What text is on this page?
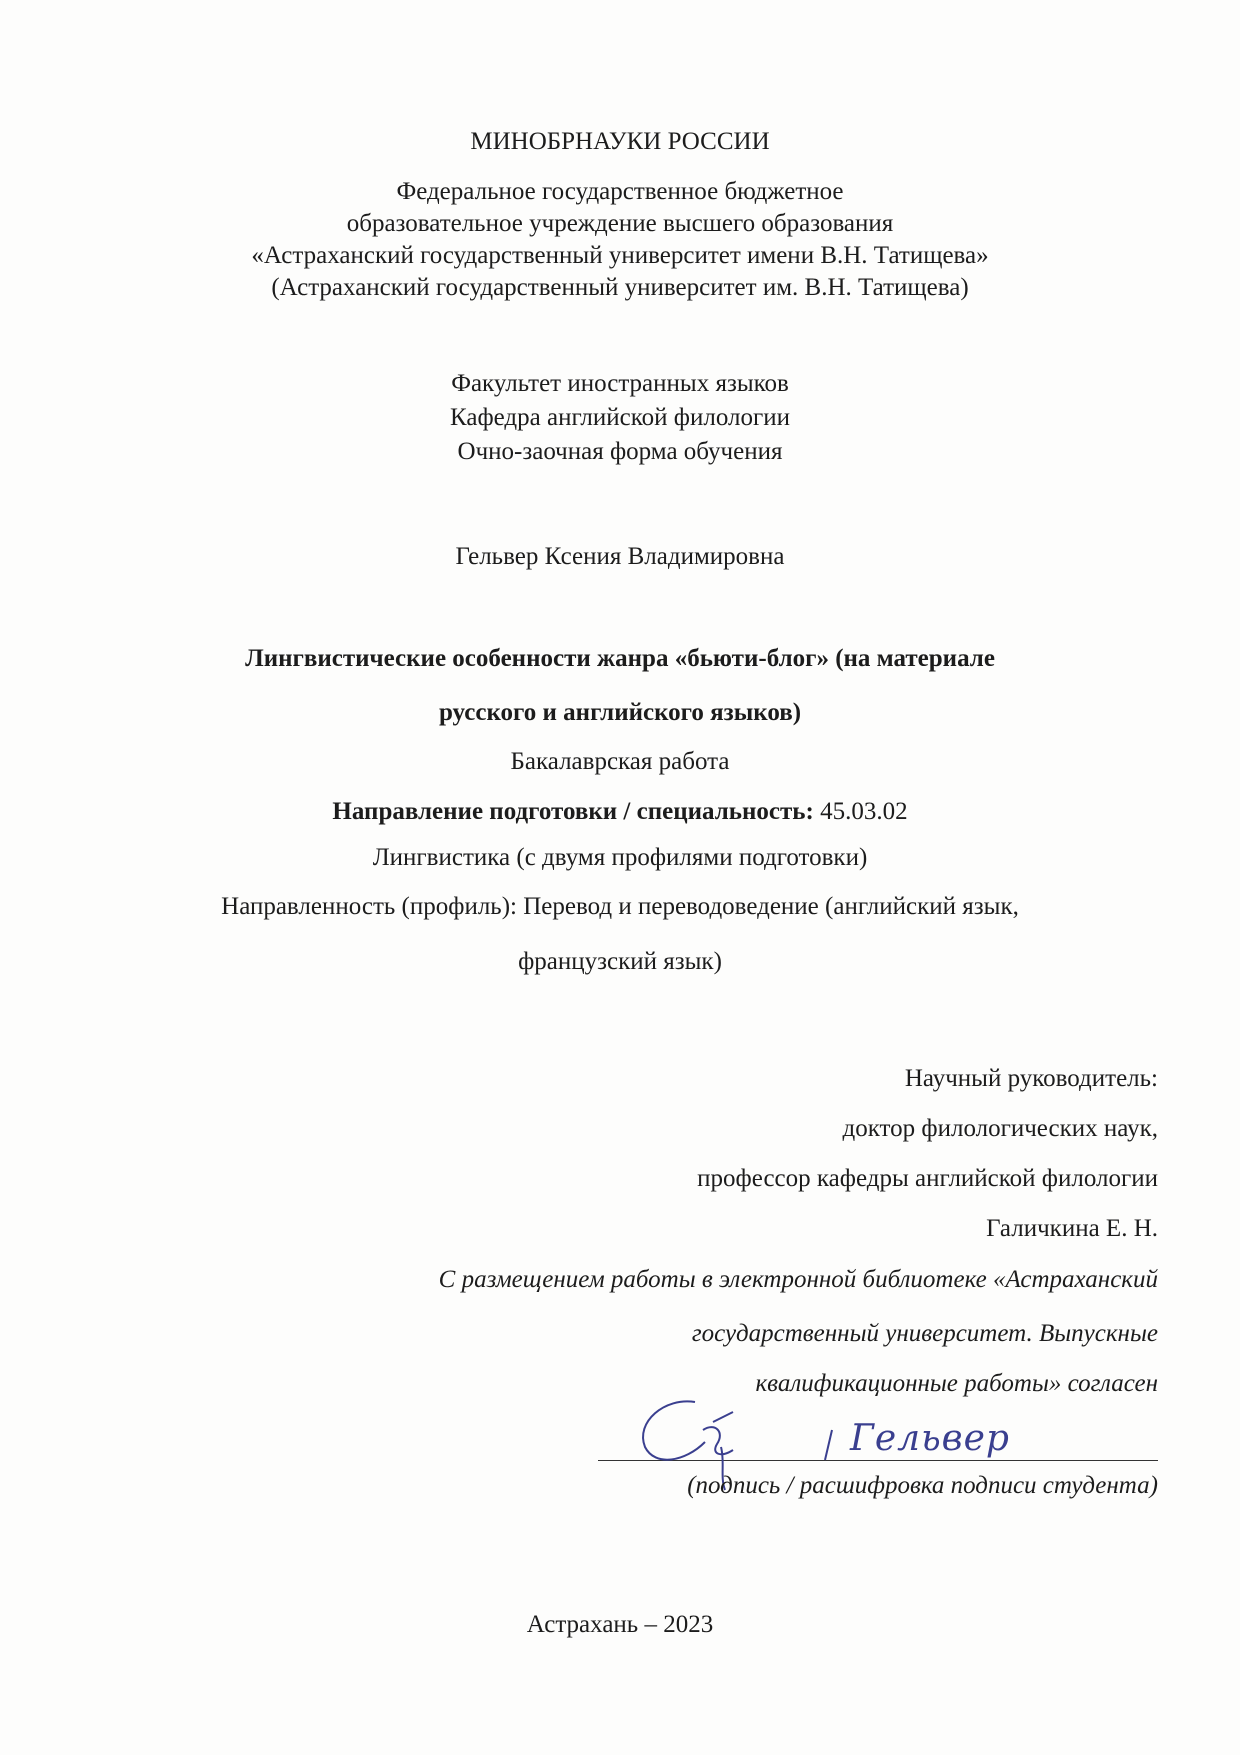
МИНОБРНАУКИ РОССИИ
Федеральное государственное бюджетное
образовательное учреждение высшего образования
«Астраханский государственный университет имени В.Н. Татищева»
(Астраханский государственный университет им. В.Н. Татищева)
Факультет иностранных языков
Кафедра английской филологии
Очно-заочная форма обучения
Гельвер Ксения Владимировна
Лингвистические особенности жанра «бьюти-блог» (на материале
русского и английского языков)
Бакалаврская работа
Направление подготовки / специальность: 45.03.02
Лингвистика (с двумя профилями подготовки)
Направленность (профиль): Перевод и переводоведение (английский язык,
французский язык)
Научный руководитель:
доктор филологических наук,
профессор кафедры английской филологии
Галичкина Е. Н.
С размещением работы в электронной библиотеке «Астраханский
государственный университет. Выпускные
квалификационные работы» согласен
Гельвер
(подпись / расшифровка подписи студента)
Астрахань – 2023
